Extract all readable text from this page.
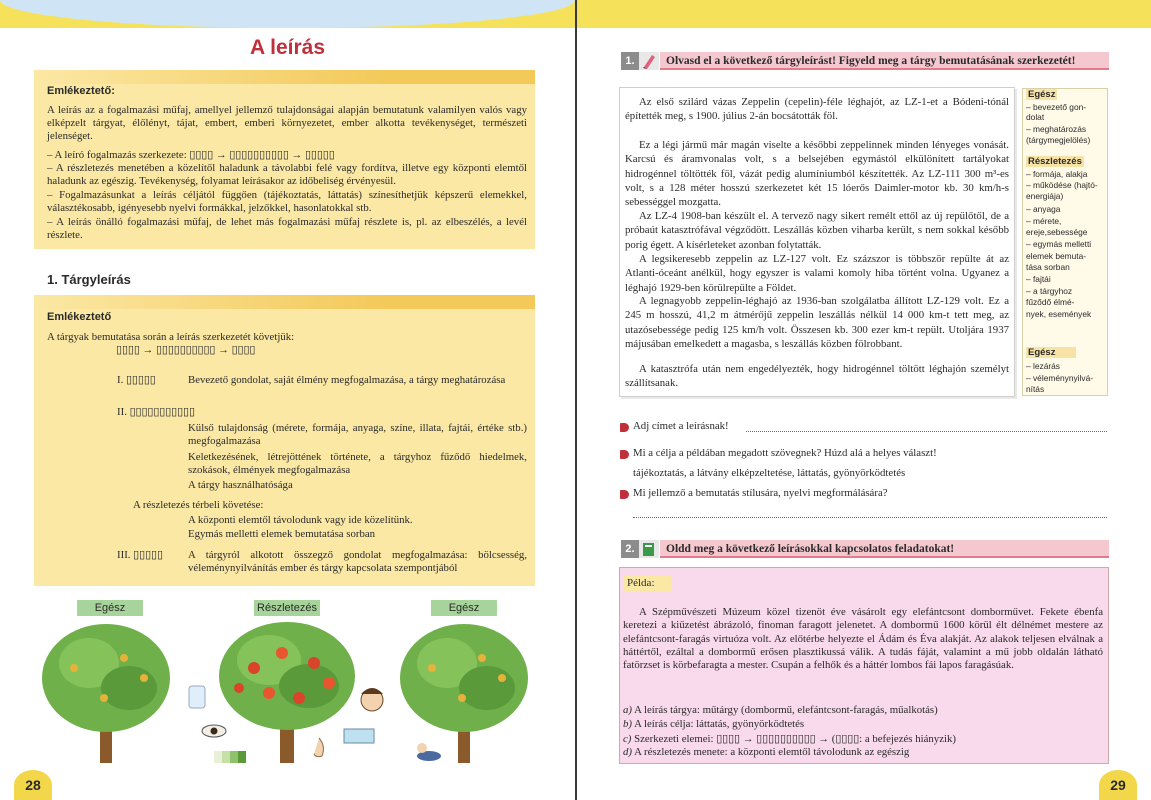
A leírás
Emlékeztető:
A leírás az a fogalmazási műfaj, amellyel jellemző tulajdonságai alapján bemutatunk valamilyen valós vagy elképzelt tárgyat, élőlényt, tájat, embert, emberi környezetet, ember alkotta tevékenységet, természeti jelenséget.
– A leíró fogalmazás szerkezete: ▯▯▯▯ → ▯▯▯▯▯▯▯▯▯▯ → ▯▯▯▯▯
– A részletezés menetében a közelítől haladunk a távolabbi felé vagy fordítva, illetve egy központi elemtől haladunk az egészig. Tevékenység, folyamat leírásakor az időbeliség érvényesül.
– Fogalmazásunkat a leírás céljától függően (tájékoztatás, láttatás) színesíthetjük képszerű elemekkel, választékosabb, igényesebb nyelvi formákkal, jelzőkkel, hasonlatokkal stb.
– A leírás önálló fogalmazási műfaj, de lehet más fogalmazási műfaj részlete is, pl. az elbeszélés, a levél részlete.
1. Tárgyleírás
Emlékeztető
A tárgyak bemutatása során a leírás szerkezetét követjük:
▯▯▯▯ → ▯▯▯▯▯▯▯▯▯▯ → ▯▯▯▯
I. ▯▯▯▯▯	Bevezető gondolat, saját élmény megfogalmazása, a tárgy meghatározása
II. ▯▯▯▯▯▯▯▯▯▯▯
Külső tulajdonság (mérete, formája, anyaga, színe, illata, fajtái, értéke stb.) megfogalmazása
Keletkezésének, létrejöttének története, a tárgyhoz fűződő hiedelmek, szokások, élmények megfogalmazása
A tárgy használhatósága
A részletezés térbeli követése:
A központi elemtől távolodunk vagy ide közelítünk.
Egymás melletti elemek bemutatása sorban
III. ▯▯▯▯▯ A tárgyról alkotott összegző gondolat megfogalmazása: bölcsesség, véleménynyilvánítás ember és tárgy kapcsolata szempontjából
Egész	Részletezés	Egész
28
1.	Olvasd el a következő tárgyleírást! Figyeld meg a tárgy bemutatásának szerkezetét!
Az első szilárd vázas Zeppelin (cepelin)-féle léghajót, az LZ-1-et a Bódeni-tónál építették meg, s 1900. július 2-án bocsátották föl.
Ez a légi jármű már magán viselte a későbbi zeppelinnek minden lényeges vonását. Karcsú és áramvonalas volt, s a belsejében egymástól elkülönített tartályokat hidrogénnel töltötték föl, vázát pedig alumíniumból készítették. Az LZ-111 300 m³-es volt, s a 128 méter hosszú szerkezetet két 15 lóerős Daimler-motor kb. 30 km/h-s sebességgel mozgatta.
Az LZ-4 1908-ban készült el. A tervező nagy sikert remélt ettől az új repülőtől, de a próbaút katasztrófával végződött. Leszállás közben viharba került, s nem sokkal később porig égett. A kísérleteket azonban folytatták.
A legsikeresebb zeppelin az LZ-127 volt. Ez százszor is többször repülte át az Atlanti-óceánt anélkül, hogy egyszer is valami komoly hiba történt volna. Ugyanez a léghajó 1929-ben körülrepülte a Földet.
A legnagyobb zeppelin-léghajó az 1936-ban szolgálatba állított LZ-129 volt. Ez a 245 m hosszú, 41,2 m átmérőjű zeppelin leszállás nélkül 14 000 km-t tett meg, az utazósebessége pedig 125 km/h volt. Összesen kb. 300 ezer km-t repült. Utoljára 1937 májusában emelkedett a magasba, s leszállás közben fölrobbant.
A katasztrófa után nem engedélyezték, hogy hidrogénnel töltött léghajón személyt szállítsanak.
Egész
– bevezető gon-
dolat
– meghatározás
(tárgymegjelölés)
Részletezés
– formája, alakja
– működése (hajtó-
energiája)
– anyaga
– mérete,
ereje,sebessége
– egymás melletti
elemek bemuta-
tása sorban
– fajtái
– a tárgyhoz
fűződő élmé-
nyek, események
Egész
– lezárás
– véleménynyilvá-
nítás
Adj címet a leírásnak!
Mi a célja a példában megadott szövegnek? Húzd alá a helyes választ!
tájékoztatás, a látvány elképzeltetése, láttatás, gyönyörködtetés
Mi jellemző a bemutatás stílusára, nyelvi megformálására?
2.	Oldd meg a következő leírásokkal kapcsolatos feladatokat!
Példa:
A Szépművészeti Múzeum közel tizenöt éve vásárolt egy elefántcsont domborművet. Fekete ébenfa keretezi a kiűzetést ábrázoló, finoman faragott jelenetet. A dombormű 1600 körül élt délnémet mestere az elefántcsont-faragás virtuóza volt. Az előtérbe helyezte el Ádám és Éva alakját. Az alakok teljesen elválnak a háttértől, ezáltal a dombormű erősen plasztikussá válik. A tudás fáját, valamint a mű jobb oldalán látható fatörzset is körbefaragta a mester. Csupán a felhők és a háttér lombos fái lapos faragásúak.
a) A leírás tárgya: műtárgy (dombormű, elefántcsont-faragás, műalkotás)
b) A leírás célja: láttatás, gyönyörködtetés
c) Szerkezeti elemei: ▯▯▯▯ → ▯▯▯▯▯▯▯▯▯▯ → (▯▯▯▯: a befejezés hiányzik)
d) A részletezés menete: a központi elemtől távolodunk az egészig
29
